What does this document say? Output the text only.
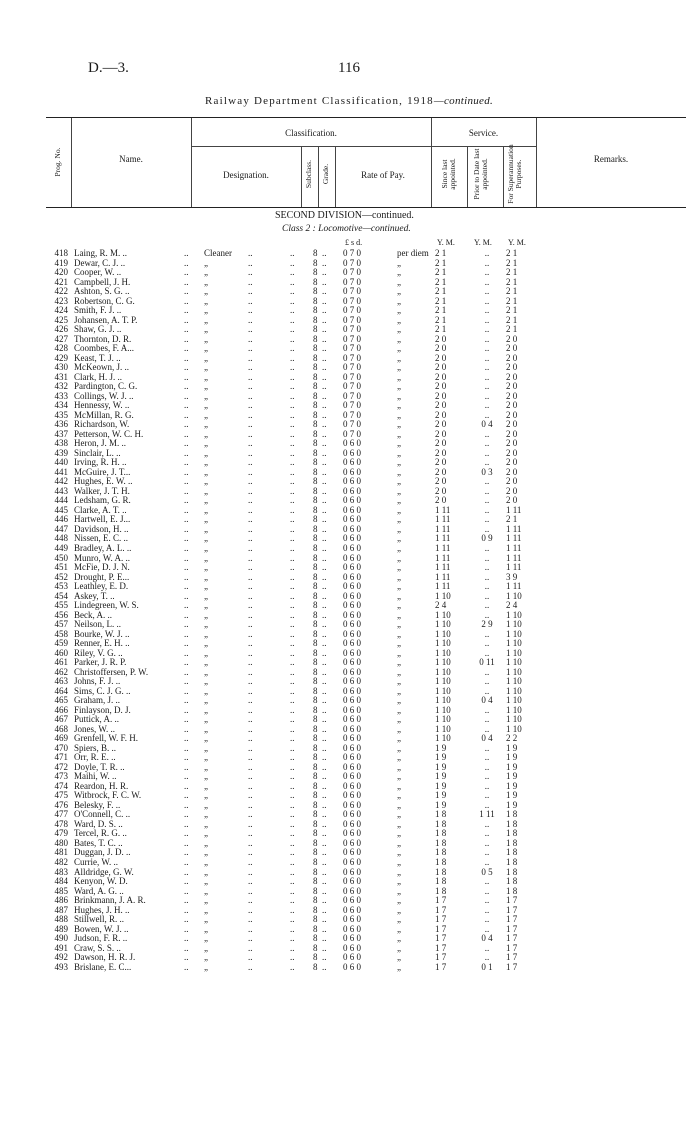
D.—3.	116
Railway Department Classification, 1918—continued.
Prog. No.	Name.
Classification.	Service.
Designation.	Subclass. Grade.	Rate of Pay.	Since last appointed. Prior to Date last appointed.	For Superannuation Purposes.
Remarks.
SECOND DIVISION—continued.
Class 2 : Locomotive—continued.
£ s d.	Y. M. Y. M. Y. M.
418 Laing, R. M. ..	.. Cleaner ..	.. 8 .. 0 7 0	per diem 2 1	..	2 1
419 Dewar, C. J. ..	.. „	..	.. 8 .. 0 7 0	„	2 1	..	2 1
420 Cooper, W. ..	.. „	..	.. 8 .. 0 7 0	„	2 1	..	2 1
421 Campbell, J. H.	.. „	..	.. 8 .. 0 7 0	„	2 1	..	2 1
422 Ashton, S. G. ..	.. „	..	.. 8 .. 0 7 0	„	2 1	..	2 1
423 Robertson, C. G.	.. „	..	.. 8 .. 0 7 0	„	2 1	..	2 1
424 Smith, F. J. ..	.. „	..	.. 8 .. 0 7 0	„	2 1	..	2 1
425 Johansen, A. T. P.	.. „	..	.. 8 .. 0 7 0	„	2 1	..	2 1
426 Shaw, G. J. ..	.. „	..	.. 8 .. 0 7 0	„	2 1	..	2 1
427 Thornton, D. R.	.. „	..	.. 8 .. 0 7 0	„	2 0	..	2 0
428 Coombes, F. A...	.. „	..	.. 8 .. 0 7 0	„	2 0	..	2 0
429 Keast, T. J. ..	.. „	..	.. 8 .. 0 7 0	„	2 0	..	2 0
430 McKeown, J. ..	.. „	..	.. 8 .. 0 7 0	„	2 0	..	2 0
431 Clark, H. J. ..	.. „	..	.. 8 .. 0 7 0	„	2 0	..	2 0
432 Pardington, C. G.	.. „	..	.. 8 .. 0 7 0	„	2 0	..	2 0
433 Collings, W. J. ..	.. „	..	.. 8 .. 0 7 0	„	2 0	..	2 0
434 Hennessy, W. ..	.. „	..	.. 8 .. 0 7 0	„	2 0	..	2 0
435 McMillan, R. G.	.. „	..	.. 8 .. 0 7 0	„	2 0	..	2 0
436 Richardson, W.	.. „	..	.. 8 .. 0 7 0	„	2 0	0 4	2 0
437 Petterson, W. C. H.	.. „	..	.. 8 .. 0 7 0	„	2 0	..	2 0
438 Heron, J. M. ..	.. „	..	.. 8 .. 0 6 0	„	2 0	..	2 0
439 Sinclair, L. ..	.. „	..	.. 8 .. 0 6 0	„	2 0	..	2 0
440 Irving, R. H. ..	.. „	..	.. 8 .. 0 6 0	„	2 0	..	2 0
441 McGuire, J. T...	.. „	..	.. 8 .. 0 6 0	„	2 0	0 3	2 0
442 Hughes, E. W. ..	.. „	..	.. 8 .. 0 6 0	„	2 0	..	2 0
443 Walker, J. T. H.	.. „	..	.. 8 .. 0 6 0	„	2 0	..	2 0
444 Ledsham, G. R.	.. „	..	.. 8 .. 0 6 0	„	2 0	..	2 0
445 Clarke, A. T. ..	.. „	..	.. 8 .. 0 6 0	„	1 11	..	1 11
446 Hartwell, E. J...	.. „	..	.. 8 .. 0 6 0	„	1 11	..	2 1
447 Davidson, H. ..	.. „	..	.. 8 .. 0 6 0	„	1 11	..	1 11
448 Nissen, E. C. ..	.. „	..	.. 8 .. 0 6 0	„	1 11	0 9	1 11
449 Bradley, A. L. ..	.. „	..	.. 8 .. 0 6 0	„	1 11	..	1 11
450 Munro, W. A. ..	.. „	..	.. 8 .. 0 6 0	„	1 11	..	1 11
451 McFie, D. J. N.	.. „	..	.. 8 .. 0 6 0	„	1 11	..	1 11
452 Drought, P. E...	.. „	..	.. 8 .. 0 6 0	„	1 11	..	3 9
453 Leathley, E. D.	.. „	..	.. 8 .. 0 6 0	„	1 11	..	1 11
454 Askey, T. ..	.. „	..	.. 8 .. 0 6 0	„	1 10	..	1 10
455 Lindegreen, W. S.	.. „	..	.. 8 .. 0 6 0	„	2 4	..	2 4
456 Beck, A. ..	.. „	..	.. 8 .. 0 6 0	„	1 10	..	1 10
457 Neilson, L. ..	.. „	..	.. 8 .. 0 6 0	„	1 10	2 9	1 10
458 Bourke, W. J. ..	.. „	..	.. 8 .. 0 6 0	„	1 10	..	1 10
459 Renner, E. H. ..	.. „	..	.. 8 .. 0 6 0	„	1 10	..	1 10
460 Riley, V. G. ..	.. „	..	.. 8 .. 0 6 0	„	1 10	..	1 10
461 Parker, J. R. P.	.. „	..	.. 8 .. 0 6 0	„	1 10	0 11	1 10
462 Christoffersen, P. W.	.. „	..	.. 8 .. 0 6 0	„	1 10	..	1 10
463 Johns, F. J. ..	.. „	..	.. 8 .. 0 6 0	„	1 10	..	1 10
464 Sims, C. J. G. ..	.. „	..	.. 8 .. 0 6 0	„	1 10	..	1 10
465 Graham, J. ..	.. „	..	.. 8 .. 0 6 0	„	1 10	0 4	1 10
466 Finlayson, D. J.	.. „	..	.. 8 .. 0 6 0	„	1 10	..	1 10
467 Puttick, A. ..	.. „	..	.. 8 .. 0 6 0	„	1 10	..	1 10
468 Jones, W. ..	.. „	..	.. 8 .. 0 6 0	„	1 10	..	1 10
469 Grenfell, W. F. H.	.. „	..	.. 8 .. 0 6 0	„	1 10	0 4	2 2
470 Spiers, B. ..	.. „	..	.. 8 .. 0 6 0	„	1 9	..	1 9
471 Orr, R. E. ..	.. „	..	.. 8 .. 0 6 0	„	1 9	..	1 9
472 Doyle, T. R. ..	.. „	..	.. 8 .. 0 6 0	„	1 9	..	1 9
473 Maihi, W. ..	.. „	..	.. 8 .. 0 6 0	„	1 9	..	1 9
474 Reardon, H. R.	.. „	..	.. 8 .. 0 6 0	„	1 9	..	1 9
475 Witbrock, F. C. W.	.. „	..	.. 8 .. 0 6 0	„	1 9	..	1 9
476 Belesky, F. ..	.. „	..	.. 8 .. 0 6 0	„	1 9	..	1 9
477 O'Connell, C. ..	.. „	..	.. 8 .. 0 6 0	„	1 8	1 11	1 8
478 Ward, D. S. ..	.. „	..	.. 8 .. 0 6 0	„	1 8	..	1 8
479 Tercel, R. G. ..	.. „	..	.. 8 .. 0 6 0	„	1 8	..	1 8
480 Bates, T. C. ..	.. „	..	.. 8 .. 0 6 0	„	1 8	..	1 8
481 Duggan, J. D. ..	.. „	..	.. 8 .. 0 6 0	„	1 8	..	1 8
482 Currie, W. ..	.. „	..	.. 8 .. 0 6 0	„	1 8	..	1 8
483 Alldridge, G. W.	.. „	..	.. 8 .. 0 6 0	„	1 8	0 5	1 8
484 Kenyon, W. D.	.. „	..	.. 8 .. 0 6 0	„	1 8	..	1 8
485 Ward, A. G. ..	.. „	..	.. 8 .. 0 6 0	„	1 8	..	1 8
486 Brinkmann, J. A. R.	.. „	..	.. 8 .. 0 6 0	„	1 7	..	1 7
487 Hughes, J. H. ..	.. „	..	.. 8 .. 0 6 0	„	1 7	..	1 7
488 Stillwell, R. ..	.. „	..	.. 8 .. 0 6 0	„	1 7	..	1 7
489 Bowen, W. J. ..	.. „	..	.. 8 .. 0 6 0	„	1 7	..	1 7
490 Judson, F. R. ..	.. „	..	.. 8 .. 0 6 0	„	1 7	0 4	1 7
491 Craw, S. S. ..	.. „	..	.. 8 .. 0 6 0	„	1 7	..	1 7
492 Dawson, H. R. J.	.. „	..	.. 8 .. 0 6 0	„	1 7	..	1 7
493 Brislane, E. C...	.. „	..	.. 8 .. 0 6 0	„	1 7	0 1	1 7
